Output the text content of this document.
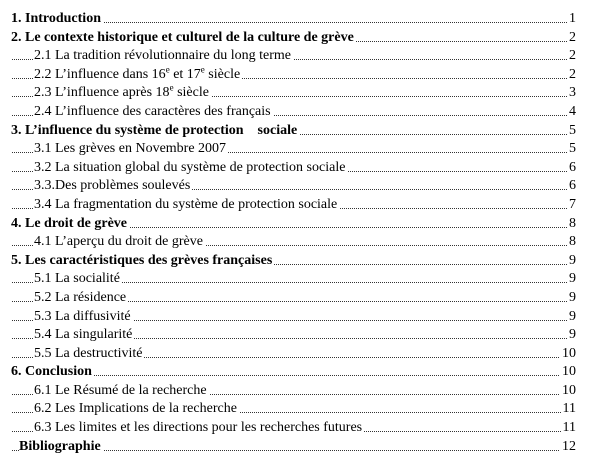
1. Introduction	1
2. Le contexte historique et culturel de la culture de grève	2
2.1 La tradition révolutionnaire du long terme	2
2.2 L’influence dans 16e et 17e siècle	2
2.3 L’influence après 18e siècle	3
2.4 L’influence des caractères des français	4
3. L’influence du système de protection    sociale	5
3.1 Les grèves en Novembre 2007	5
3.2 La situation global du système de protection sociale	6
3.3.Des problèmes soulevés	6
3.4 La fragmentation du système de protection sociale	7
4. Le droit de grève	8
4.1 L’aperçu du droit de grève	8
5. Les caractéristiques des grèves françaises	9
5.1 La socialité	9
5.2 La résidence	9
5.3 La diffusivité	9
5.4 La singularité	9
5.5 La destructivité	10
6. Conclusion	10
6.1 Le Résumé de la recherche	10
6.2 Les Implications de la recherche	11
6.3 Les limites et les directions pour les recherches futures	11
Bibliographie	12
